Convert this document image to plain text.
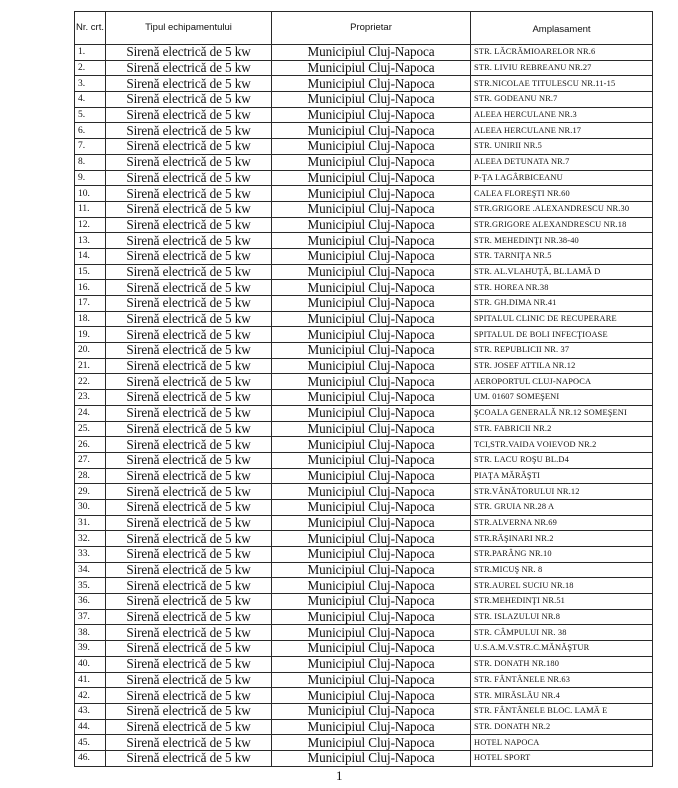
Nr. crt.	Tipul echipamentului	Proprietar	Amplasament
1.	Sirenă electrică de 5 kw	Municipiul Cluj-Napoca	STR. LĂCRĂMIOARELOR NR.6
2.	Sirenă electrică de 5 kw	Municipiul Cluj-Napoca	STR. LIVIU REBREANU NR.27
3.	Sirenă electrică de 5 kw	Municipiul Cluj-Napoca	STR.NICOLAE TITULESCU NR.11-15
4.	Sirenă electrică de 5 kw	Municipiul Cluj-Napoca	STR. GODEANU NR.7
5.	Sirenă electrică de 5 kw	Municipiul Cluj-Napoca	ALEEA HERCULANE NR.3
6.	Sirenă electrică de 5 kw	Municipiul Cluj-Napoca	ALEEA HERCULANE NR.17
7.	Sirenă electrică de 5 kw	Municipiul Cluj-Napoca	STR. UNIRII NR.5
8.	Sirenă electrică de 5 kw	Municipiul Cluj-Napoca	ALEEA DETUNATA NR.7
9.	Sirenă electrică de 5 kw	Municipiul Cluj-Napoca	P-ŢA I.AGÂRBICEANU
10.	Sirenă electrică de 5 kw	Municipiul Cluj-Napoca	CALEA FLOREŞTI NR.60
11.	Sirenă electrică de 5 kw	Municipiul Cluj-Napoca	STR.GRIGORE .ALEXANDRESCU NR.30
12.	Sirenă electrică de 5 kw	Municipiul Cluj-Napoca	STR.GRIGORE ALEXANDRESCU NR.18
13.	Sirenă electrică de 5 kw	Municipiul Cluj-Napoca	STR. MEHEDINŢI NR.38-40
14.	Sirenă electrică de 5 kw	Municipiul Cluj-Napoca	STR. TARNIŢA NR.5
15.	Sirenă electrică de 5 kw	Municipiul Cluj-Napoca	STR. AL.VLAHUŢĂ, BL.LAMĂ D
16.	Sirenă electrică de 5 kw	Municipiul Cluj-Napoca	STR. HOREA NR.38
17.	Sirenă electrică de 5 kw	Municipiul Cluj-Napoca	STR. GH.DIMA NR.41
18.	Sirenă electrică de 5 kw	Municipiul Cluj-Napoca	SPITALUL CLINIC DE RECUPERARE
19.	Sirenă electrică de 5 kw	Municipiul Cluj-Napoca	SPITALUL DE BOLI INFECŢIOASE
20.	Sirenă electrică de 5 kw	Municipiul Cluj-Napoca	STR. REPUBLICII NR. 37
21.	Sirenă electrică de 5 kw	Municipiul Cluj-Napoca	STR. JOSEF ATTILA NR.12
22.	Sirenă electrică de 5 kw	Municipiul Cluj-Napoca	AEROPORTUL CLUJ-NAPOCA
23.	Sirenă electrică de 5 kw	Municipiul Cluj-Napoca	UM. 01607 SOMEŞENI
24.	Sirenă electrică de 5 kw	Municipiul Cluj-Napoca	ŞCOALA GENERALĂ NR.12 SOMEŞENI
25.	Sirenă electrică de 5 kw	Municipiul Cluj-Napoca	STR. FABRICII NR.2
26.	Sirenă electrică de 5 kw	Municipiul Cluj-Napoca	TCI,STR.VAIDA VOIEVOD NR.2
27.	Sirenă electrică de 5 kw	Municipiul Cluj-Napoca	STR. LACU ROŞU BL.D4
28.	Sirenă electrică de 5 kw	Municipiul Cluj-Napoca	PIAŢA MĂRĂŞTI
29.	Sirenă electrică de 5 kw	Municipiul Cluj-Napoca	STR.VÂNĂTORULUI NR.12
30.	Sirenă electrică de 5 kw	Municipiul Cluj-Napoca	STR. GRUIA NR.28 A
31.	Sirenă electrică de 5 kw	Municipiul Cluj-Napoca	STR.ALVERNA NR.69
32.	Sirenă electrică de 5 kw	Municipiul Cluj-Napoca	STR.RĂŞINARI NR.2
33.	Sirenă electrică de 5 kw	Municipiul Cluj-Napoca	STR.PARÂNG NR.10
34.	Sirenă electrică de 5 kw	Municipiul Cluj-Napoca	STR.MICUŞ NR. 8
35.	Sirenă electrică de 5 kw	Municipiul Cluj-Napoca	STR.AUREL SUCIU NR.18
36.	Sirenă electrică de 5 kw	Municipiul Cluj-Napoca	STR.MEHEDINŢI NR.51
37.	Sirenă electrică de 5 kw	Municipiul Cluj-Napoca	STR. ISLAZULUI NR.8
38.	Sirenă electrică de 5 kw	Municipiul Cluj-Napoca	STR. CÂMPULUI NR. 38
39.	Sirenă electrică de 5 kw	Municipiul Cluj-Napoca	U.S.A.M.V.STR.C.MĂNĂŞTUR
40.	Sirenă electrică de 5 kw	Municipiul Cluj-Napoca	STR. DONATH NR.180
41.	Sirenă electrică de 5 kw	Municipiul Cluj-Napoca	STR. FÂNTÂNELE NR.63
42.	Sirenă electrică de 5 kw	Municipiul Cluj-Napoca	STR. MIRĂSLĂU NR.4
43.	Sirenă electrică de 5 kw	Municipiul Cluj-Napoca	STR. FÂNTÂNELE BLOC. LAMĂ E
44.	Sirenă electrică de 5 kw	Municipiul Cluj-Napoca	STR. DONATH NR.2
45.	Sirenă electrică de 5 kw	Municipiul Cluj-Napoca	HOTEL NAPOCA
46.	Sirenă electrică de 5 kw	Municipiul Cluj-Napoca	HOTEL SPORT
1
